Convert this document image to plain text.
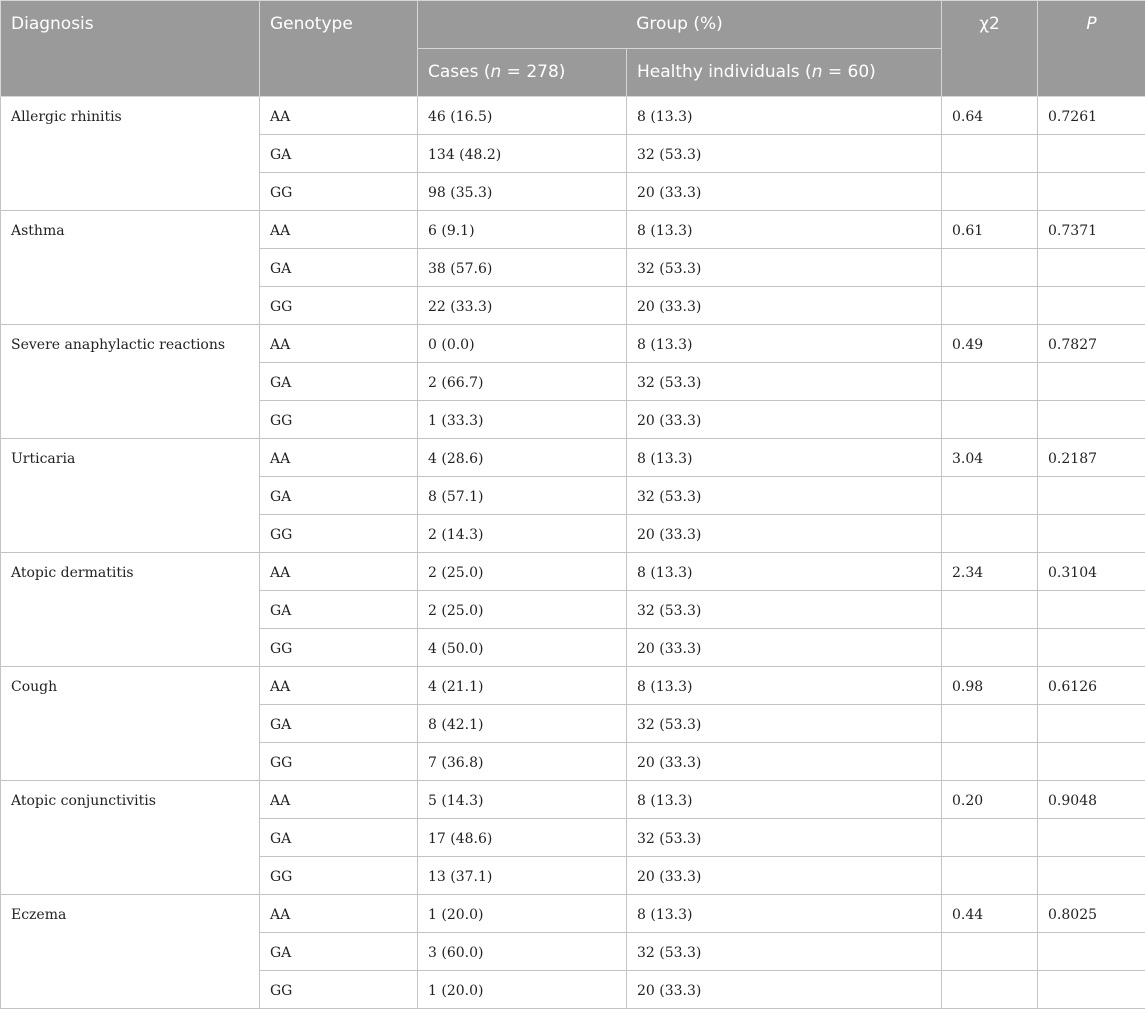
Diagnosis	Genotype	Group (%)		χ2	P
		Cases (n = 278)	Healthy individuals (n = 60)		
Allergic rhinitis	AA	46 (16.5)	8 (13.3)	0.64	0.7261
	GA	134 (48.2)	32 (53.3)		
	GG	98 (35.3)	20 (33.3)		
Asthma	AA	6 (9.1)	8 (13.3)	0.61	0.7371
	GA	38 (57.6)	32 (53.3)		
	GG	22 (33.3)	20 (33.3)		
Severe anaphylactic reactions	AA	0 (0.0)	8 (13.3)	0.49	0.7827
	GA	2 (66.7)	32 (53.3)		
	GG	1 (33.3)	20 (33.3)		
Urticaria	AA	4 (28.6)	8 (13.3)	3.04	0.2187
	GA	8 (57.1)	32 (53.3)		
	GG	2 (14.3)	20 (33.3)		
Atopic dermatitis	AA	2 (25.0)	8 (13.3)	2.34	0.3104
	GA	2 (25.0)	32 (53.3)		
	GG	4 (50.0)	20 (33.3)		
Cough	AA	4 (21.1)	8 (13.3)	0.98	0.6126
	GA	8 (42.1)	32 (53.3)		
	GG	7 (36.8)	20 (33.3)		
Atopic conjunctivitis	AA	5 (14.3)	8 (13.3)	0.20	0.9048
	GA	17 (48.6)	32 (53.3)		
	GG	13 (37.1)	20 (33.3)		
Eczema	AA	1 (20.0)	8 (13.3)	0.44	0.8025
	GA	3 (60.0)	32 (53.3)		
	GG	1 (20.0)	20 (33.3)		
